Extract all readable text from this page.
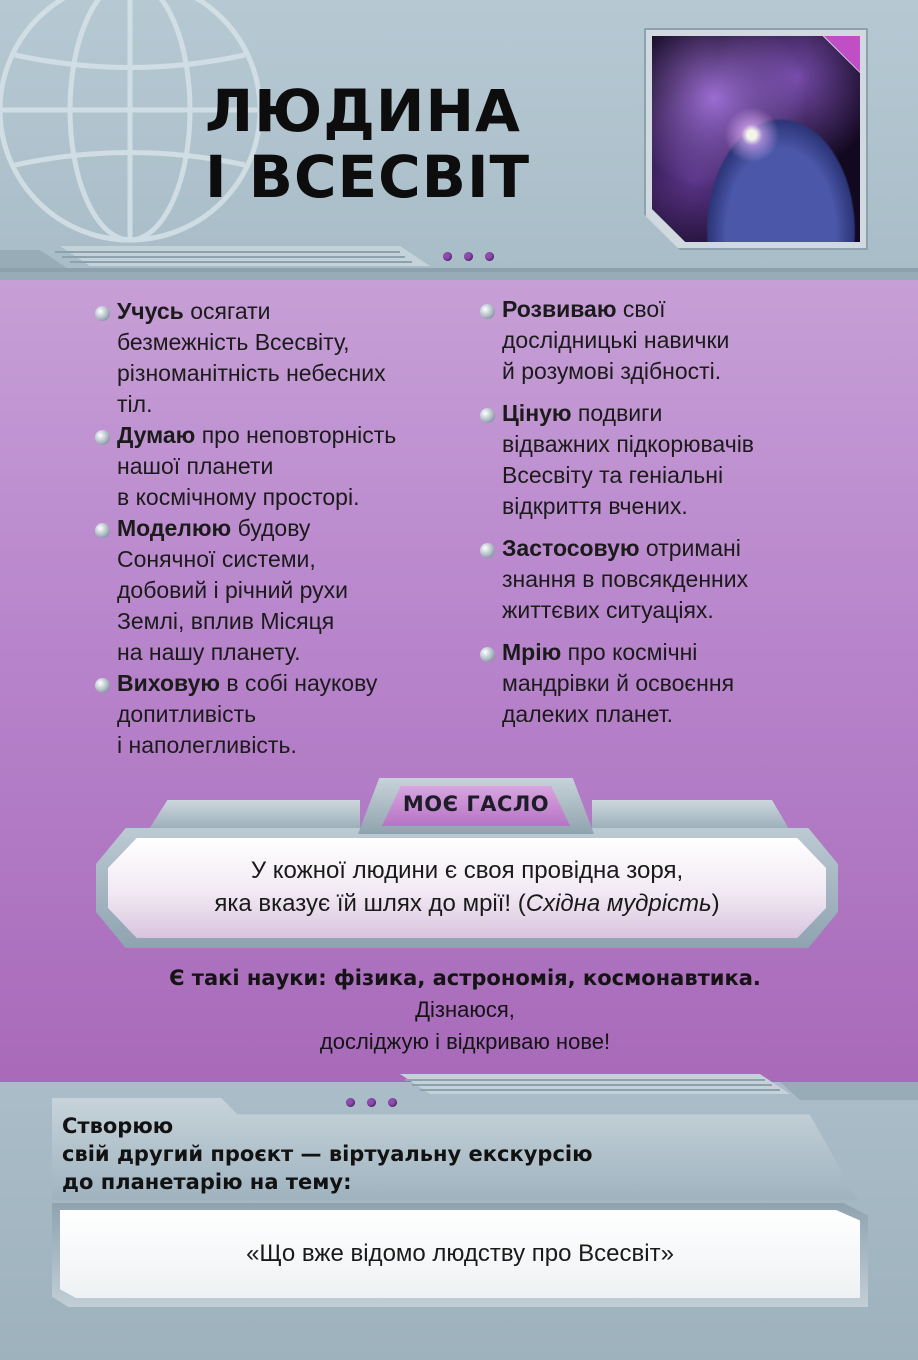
ЛЮДИНА
І ВСЕСВІТ
Учусь осягати
безмежність Всесвіту,
різноманітність небесних
тіл.
Думаю про неповторність
нашої планети
в космічному просторі.
Моделюю будову
Сонячної системи,
добовий і річний рухи
Землі, вплив Місяця
на нашу планету.
Виховую в собі наукову
допитливість
і наполегливість.
Розвиваю свої
дослідницькі навички
й розумові здібності.
Ціную подвиги
відважних підкорювачів
Всесвіту та геніальні
відкриття вчених.
Застосовую отримані
знання в повсякденних
життєвих ситуаціях.
Мрію про космічні
мандрівки й освоєння
далеких планет.
МОЄ ГАСЛО
У кожної людини є своя провідна зоря,
яка вказує їй шлях до мрії! (Східна мудрість)
Є такі науки: фізика, астрономія, космонавтика.
Дізнаюся,
досліджую і відкриваю нове!
Створюю
свій другий проєкт — віртуальну екскурсію
до планетарію на тему:
«Що вже відомо людству про Всесвіт»
